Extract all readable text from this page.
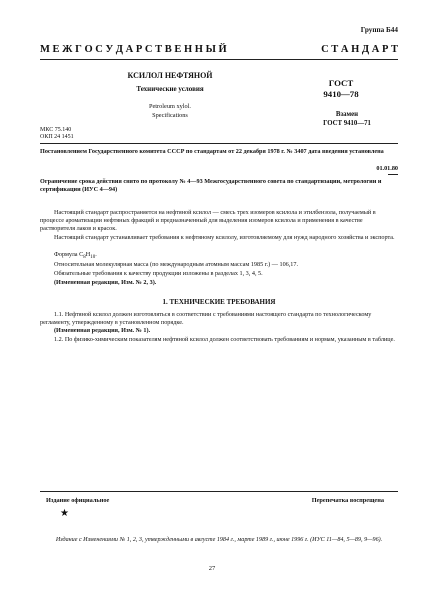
Группа Б44
М Е Ж Г О С У Д А Р С Т В Е Н Н Ы Й	С Т А Н Д А Р Т
КСИЛОЛ НЕФТЯНОЙ
Технические условия
Petroleum xylol.
Specifications
ГОСТ
9410—78
Взамен
ГОСТ 9410—71
МКС 75.140
ОКП 24 1451
Постановлением Государственного комитета СССР по стандартам от 22 декабря 1978 г. № 3407 дата введения установлена
01.01.80
Ограничение срока действия снято по протоколу № 4—93 Межгосударственного совета по стандартизации, метрологии и сертификации (ИУС 4—94)
Настоящий стандарт распространяется на нефтяной ксилол — смесь трех изомеров ксилола и этилбензола, получаемый в процессе ароматизации нефтяных фракций и предназначенный для выделения изомеров ксилола и применения в качестве растворителя лаков и красок.
Настоящий стандарт устанавливает требования к нефтяному ксилолу, изготовляемому для нужд народного хозяйства и экспорта.
Формула $C_8H_{10}$.
Относительная молекулярная масса (по международным атомным массам 1985 г.) — 106,17.
Обязательные требования к качеству продукции изложены в разделах 1, 3, 4, 5.
(Измененная редакция, Изм. № 2, 3).
1. ТЕХНИЧЕСКИЕ ТРЕБОВАНИЯ
1.1. Нефтяной ксилол должен изготовляться в соответствии с требованиями настоящего стандарта по технологическому регламенту, утвержденному в установленном порядке.
(Измененная редакция, Изм. № 1).
1.2. По физико-химическим показателям нефтяной ксилол должен соответствовать требованиям и нормам, указанным в таблице.
Издание официальное
★
Перепечатка воспрещена
Издание с Изменениями № 1, 2, 3, утвержденными в августе 1984 г., марте 1989 г., июне 1996 г. (ИУС 11—84, 5—89, 9—96).
27
